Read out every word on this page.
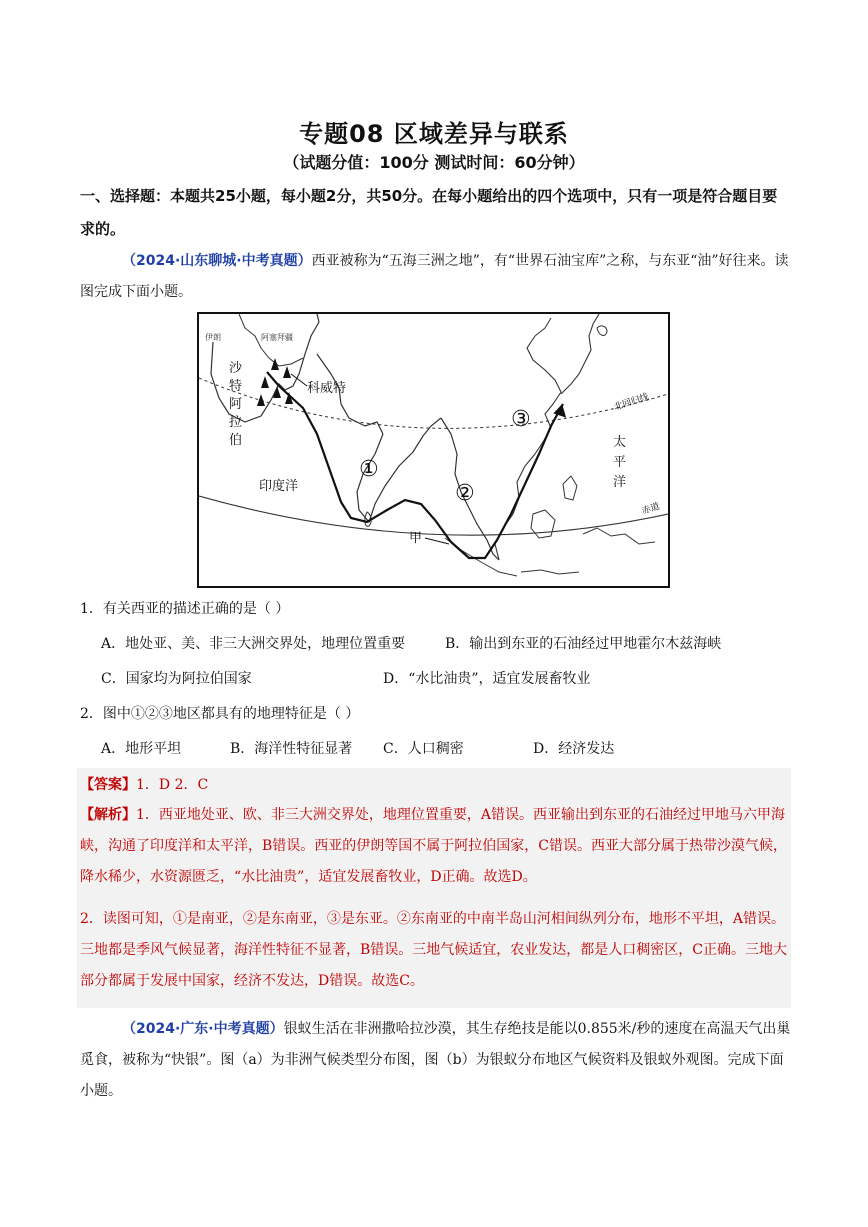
专题08 区域差异与联系
（试题分值：100分 测试时间：60分钟）
一、选择题：本题共25小题，每小题2分，共50分。在每小题给出的四个选项中，只有一项是符合题目要求的。
（2024·山东聊城·中考真题）西亚被称为“五海三洲之地”，有“世界石油宝库”之称，与东亚“油”好往来。读图完成下面小题。
伊朗	阿塞拜疆
沙
特
阿
拉
伯
科威特
印度洋
太
平
洋
甲
北回归线
赤道
①
②
③
1．有关西亚的描述正确的是（ ）
A．地处亚、美、非三大洲交界处，地理位置重要	B．输出到东亚的石油经过甲地霍尔木兹海峡
C．国家均为阿拉伯国家	D．“水比油贵”，适宜发展畜牧业
2．图中①②③地区都具有的地理特征是（ ）
A．地形平坦	B．海洋性特征显著 C．人口稠密	D．经济发达
【答案】1．D 2．C
【解析】1．西亚地处亚、欧、非三大洲交界处，地理位置重要，A错误。西亚输出到东亚的石油经过甲地马六甲海峡，沟通了印度洋和太平洋，B错误。西亚的伊朗等国不属于阿拉伯国家，C错误。西亚大部分属于热带沙漠气候，降水稀少，水资源匮乏，“水比油贵”，适宜发展畜牧业，D正确。故选D。
2．读图可知，①是南亚，②是东南亚，③是东亚。②东南亚的中南半岛山河相间纵列分布，地形不平坦，A错误。三地都是季风气候显著，海洋性特征不显著，B错误。三地气候适宜，农业发达，都是人口稠密区，C正确。三地大部分都属于发展中国家，经济不发达，D错误。故选C。
（2024·广东·中考真题）银蚁生活在非洲撒哈拉沙漠，其生存绝技是能以0.855米/秒的速度在高温天气出巢觅食，被称为“快银”。图（a）为非洲气候类型分布图，图（b）为银蚁分布地区气候资料及银蚁外观图。完成下面小题。
